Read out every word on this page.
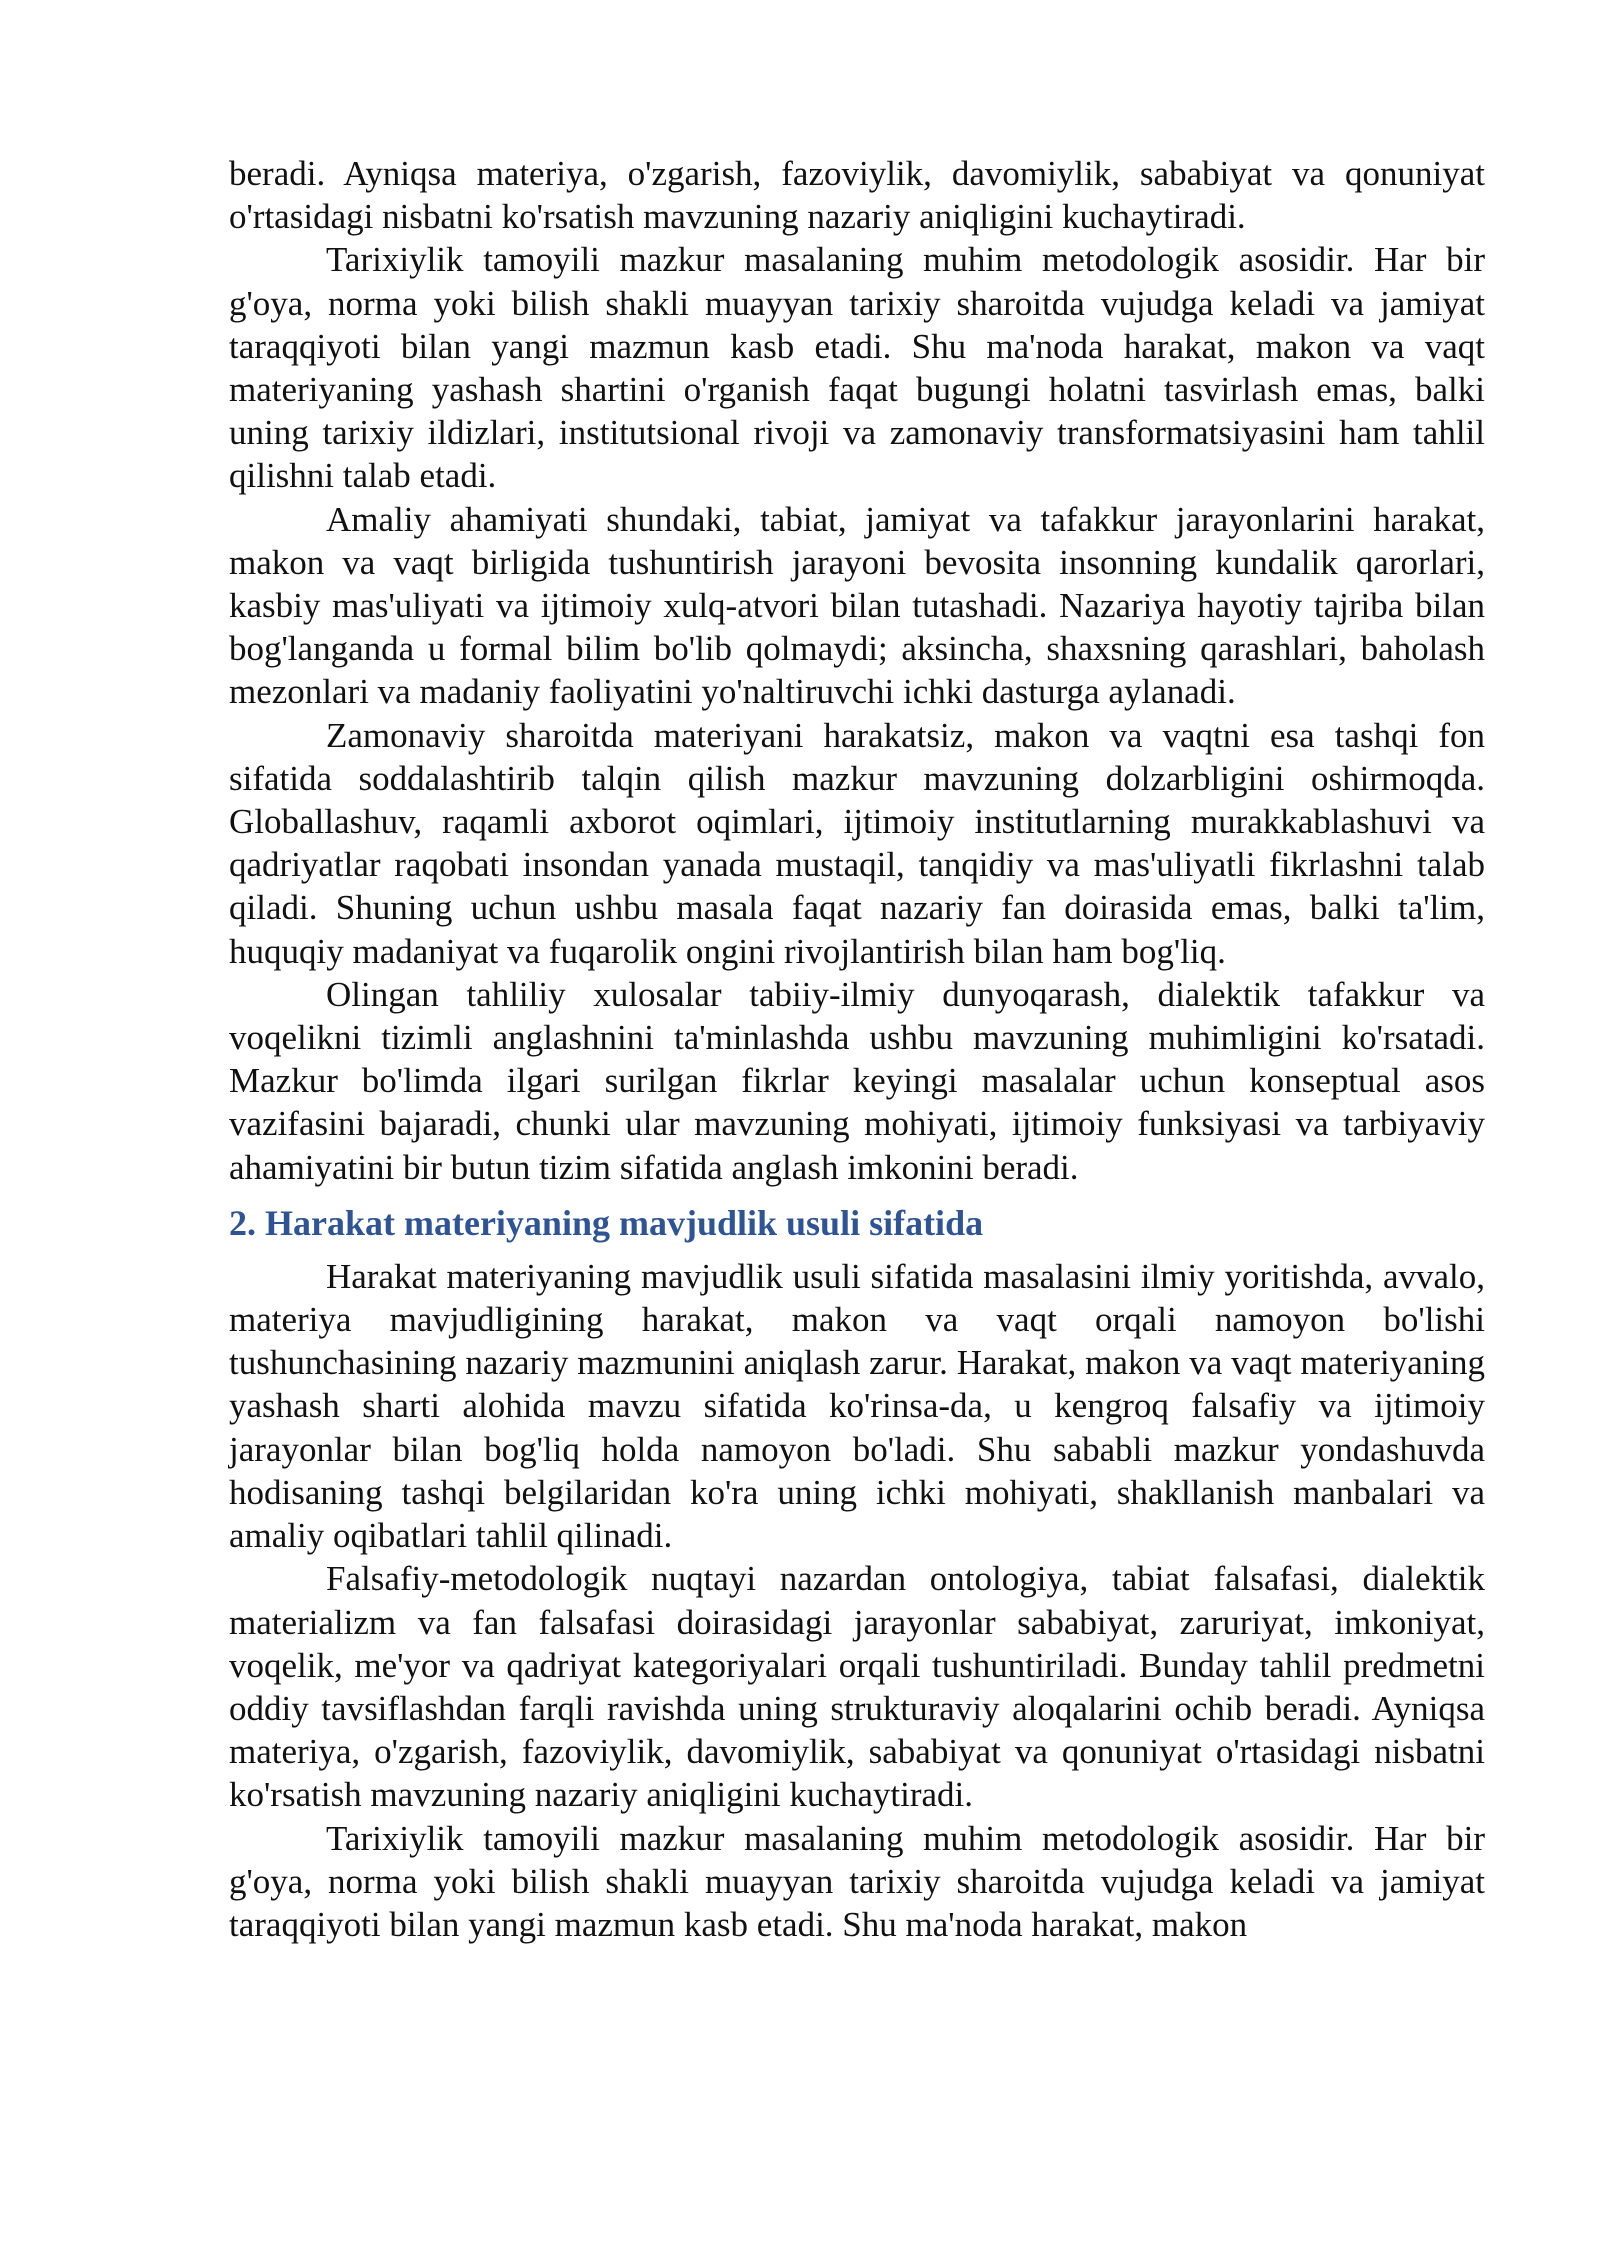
beradi. Ayniqsa materiya, o'zgarish, fazoviylik, davomiylik, sababiyat va qonuniyat o'rtasidagi nisbatni ko'rsatish mavzuning nazariy aniqligini kuchaytiradi.

Tarixiylik tamoyili mazkur masalaning muhim metodologik asosidir. Har bir g'oya, norma yoki bilish shakli muayyan tarixiy sharoitda vujudga keladi va jamiyat taraqqiyoti bilan yangi mazmun kasb etadi. Shu ma'noda harakat, makon va vaqt materiyaning yashash shartini o'rganish faqat bugungi holatni tasvirlash emas, balki uning tarixiy ildizlari, institutsional rivoji va zamonaviy transformatsiyasini ham tahlil qilishni talab etadi.

Amaliy ahamiyati shundaki, tabiat, jamiyat va tafakkur jarayonlarini harakat, makon va vaqt birligida tushuntirish jarayoni bevosita insonning kundalik qarorlari, kasbiy mas'uliyati va ijtimoiy xulq-atvori bilan tutashadi. Nazariya hayotiy tajriba bilan bog'langanda u formal bilim bo'lib qolmaydi; aksincha, shaxsning qarashlari, baholash mezonlari va madaniy faoliyatini yo'naltiruvchi ichki dasturga aylanadi.

Zamonaviy sharoitda materiyani harakatsiz, makon va vaqtni esa tashqi fon sifatida soddalashtirib talqin qilish mazkur mavzuning dolzarbligini oshirmoqda. Globallashuv, raqamli axborot oqimlari, ijtimoiy institutlarning murakkablashuvi va qadriyatlar raqobati insondan yanada mustaqil, tanqidiy va mas'uliyatli fikrlashni talab qiladi. Shuning uchun ushbu masala faqat nazariy fan doirasida emas, balki ta'lim, huquqiy madaniyat va fuqarolik ongini rivojlantirish bilan ham bog'liq.

Olingan tahliliy xulosalar tabiiy-ilmiy dunyoqarash, dialektik tafakkur va voqelikni tizimli anglashnini ta'minlashda ushbu mavzuning muhimligini ko'rsatadi. Mazkur bo'limda ilgari surilgan fikrlar keyingi masalalar uchun konseptual asos vazifasini bajaradi, chunki ular mavzuning mohiyati, ijtimoiy funksiyasi va tarbiyaviy ahamiyatini bir butun tizim sifatida anglash imkonini beradi.

2. Harakat materiyaning mavjudlik usuli sifatida

Harakat materiyaning mavjudlik usuli sifatida masalasini ilmiy yoritishda, avvalo, materiya mavjudligining harakat, makon va vaqt orqali namoyon bo'lishi tushunchasining nazariy mazmunini aniqlash zarur. Harakat, makon va vaqt materiyaning yashash sharti alohida mavzu sifatida ko'rinsa-da, u kengroq falsafiy va ijtimoiy jarayonlar bilan bog'liq holda namoyon bo'ladi. Shu sababli mazkur yondashuvda hodisaning tashqi belgilaridan ko'ra uning ichki mohiyati, shakllanish manbalari va amaliy oqibatlari tahlil qilinadi.

Falsafiy-metodologik nuqtayi nazardan ontologiya, tabiat falsafasi, dialektik materializm va fan falsafasi doirasidagi jarayonlar sababiyat, zaruriyat, imkoniyat, voqelik, me'yor va qadriyat kategoriyalari orqali tushuntiriladi. Bunday tahlil predmetni oddiy tavsiflashdan farqli ravishda uning strukturaviy aloqalarini ochib beradi. Ayniqsa materiya, o'zgarish, fazoviylik, davomiylik, sababiyat va qonuniyat o'rtasidagi nisbatni ko'rsatish mavzuning nazariy aniqligini kuchaytiradi.

Tarixiylik tamoyili mazkur masalaning muhim metodologik asosidir. Har bir g'oya, norma yoki bilish shakli muayyan tarixiy sharoitda vujudga keladi va jamiyat taraqqiyoti bilan yangi mazmun kasb etadi. Shu ma'noda harakat, makon
